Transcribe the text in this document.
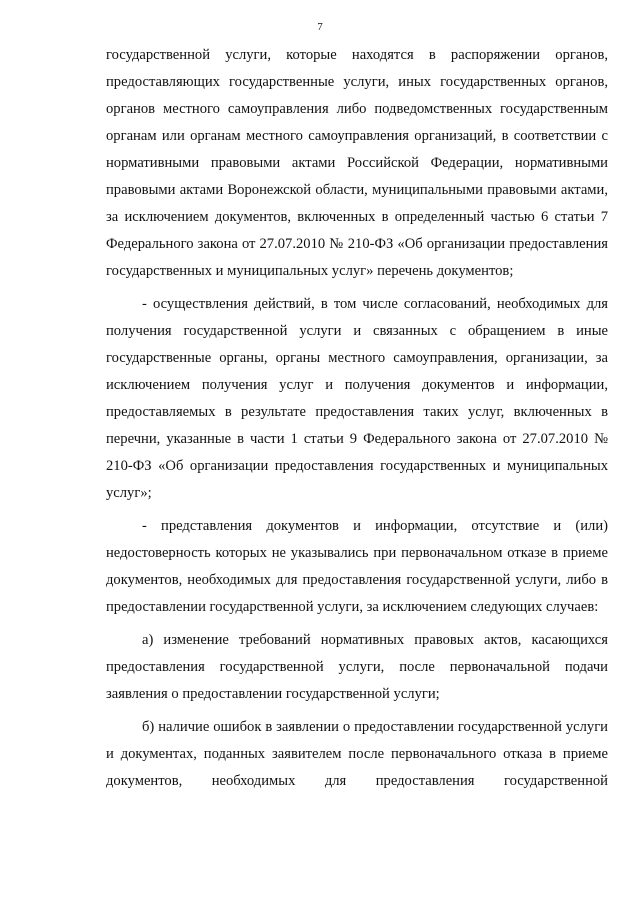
7

государственной услуги, которые находятся в распоряжении органов, предоставляющих государственные услуги, иных государственных органов, органов местного самоуправления либо подведомственных государственным органам или органам местного самоуправления организаций, в соответствии с нормативными правовыми актами Российской Федерации, нормативными правовыми актами Воронежской области, муниципальными правовыми актами, за исключением документов, включенных в определенный частью 6 статьи 7 Федерального закона от 27.07.2010 № 210-ФЗ «Об организации предоставления государственных и муниципальных услуг» перечень документов;

- осуществления действий, в том числе согласований, необходимых для получения государственной услуги и связанных с обращением в иные государственные органы, органы местного самоуправления, организации, за исключением получения услуг и получения документов и информации, предоставляемых в результате предоставления таких услуг, включенных в перечни, указанные в части 1 статьи 9 Федерального закона от 27.07.2010 № 210-ФЗ «Об организации предоставления государственных и муниципальных услуг»;

- представления документов и информации, отсутствие и (или) недостоверность которых не указывались при первоначальном отказе в приеме документов, необходимых для предоставления государственной услуги, либо в предоставлении государственной услуги, за исключением следующих случаев:

а) изменение требований нормативных правовых актов, касающихся предоставления государственной услуги, после первоначальной подачи заявления о предоставлении государственной услуги;

б) наличие ошибок в заявлении о предоставлении государственной услуги и документах, поданных заявителем после первоначального отказа в приеме документов, необходимых для предоставления государственной
